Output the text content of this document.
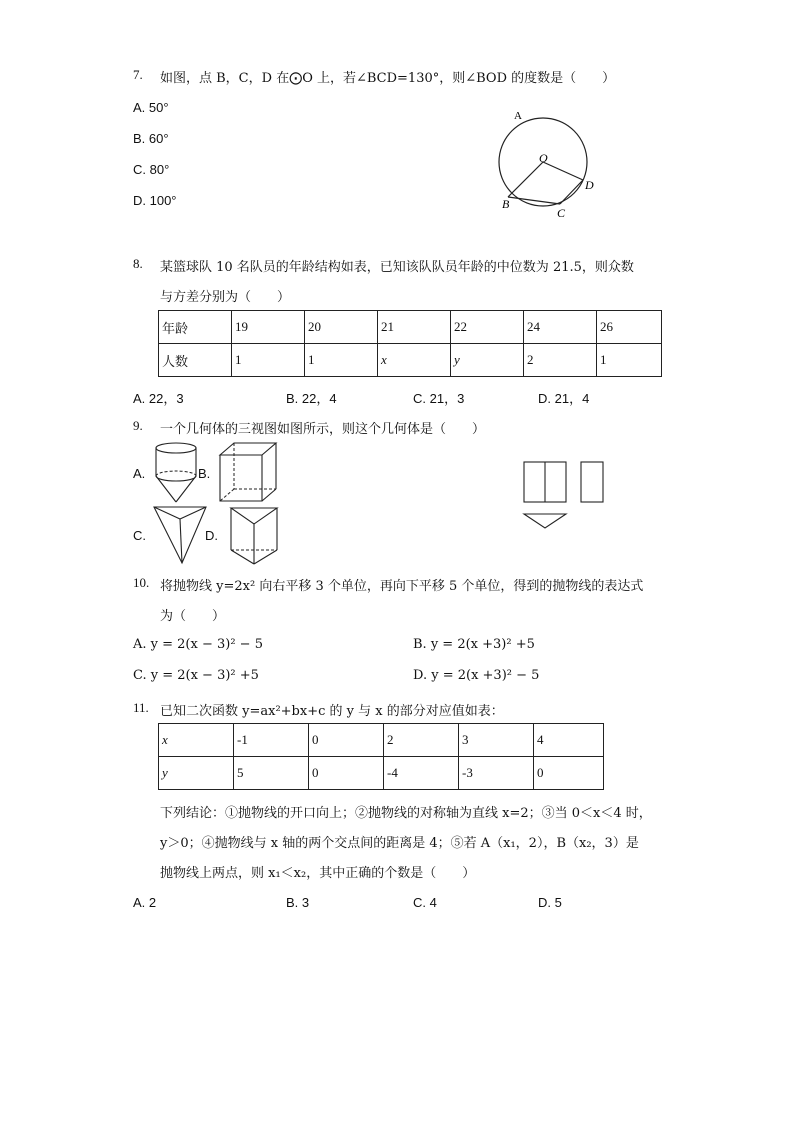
7. 如图，点 B，C，D 在⨀O 上，若∠BCD=130°，则∠BOD 的度数是（　　）
A. 50°
B. 60°
C. 80°
D. 100°
A
O
B
C
D
8. 某篮球队 10 名队员的年龄结构如表，已知该队队员年龄的中位数为 21.5，则众数
与方差分别为（　　）
年龄	19	20	21	22	24	26
人数	1	1	x	y	2	1
A. 22，3	B. 22，4	C. 21，3	D. 21，4
9. 一个几何体的三视图如图所示，则这个几何体是（　　）
A.	B.
C.	D.
10. 将抛物线 y=2x² 向右平移 3 个单位，再向下平移 5 个单位，得到的抛物线的表达式
为（　　）
A. y = 2(x − 3)² − 5	B. y = 2(x +3)² +5
C. y = 2(x − 3)² +5	D. y = 2(x +3)² − 5
11. 已知二次函数 y=ax²+bx+c 的 y 与 x 的部分对应值如表：
x	-1	0	2	3	4
y	5	0	-4	-3	0
下列结论：①抛物线的开口向上；②抛物线的对称轴为直线 x=2；③当 0＜x＜4 时，
y＞0；④抛物线与 x 轴的两个交点间的距离是 4；⑤若 A（x₁，2），B（x₂，3）是
抛物线上两点，则 x₁＜x₂，其中正确的个数是（　　）
A. 2	B. 3	C. 4	D. 5
